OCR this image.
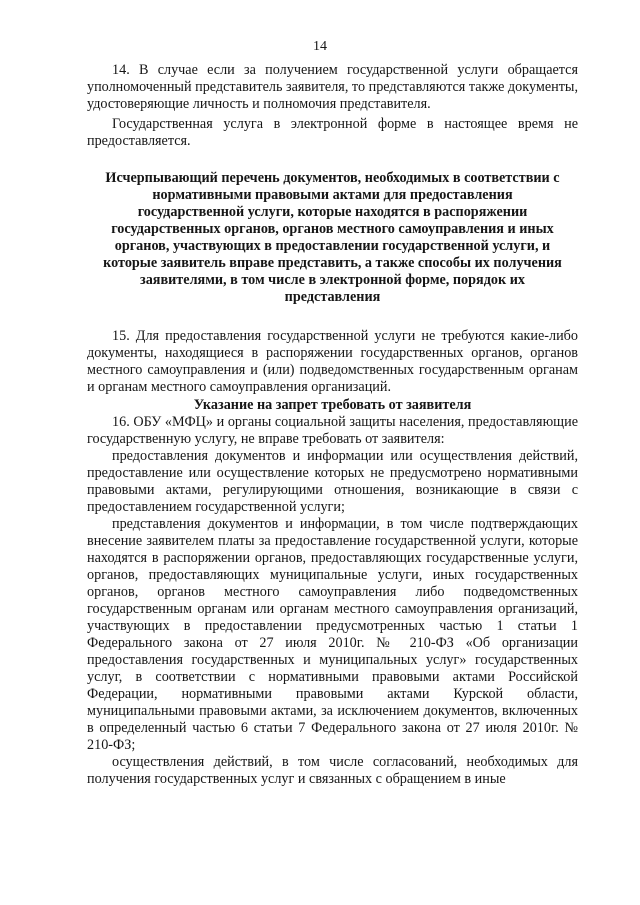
14

14. В случае если за получением государственной услуги обращается уполномоченный представитель заявителя, то представляются также документы, удостоверяющие личность и полномочия представителя.

Государственная услуга в электронной форме в настоящее время не предоставляется.

Исчерпывающий перечень документов, необходимых в соответствии с нормативными правовыми актами для предоставления государственной услуги, которые находятся в распоряжении государственных органов, органов местного самоуправления и иных органов, участвующих в предоставлении государственной услуги, и которые заявитель вправе представить, а также способы их получения заявителями, в том числе в электронной форме, порядок их представления

15. Для предоставления государственной услуги не требуются какие-либо документы, находящиеся в распоряжении государственных органов, органов местного самоуправления и (или) подведомственных государственным органам и органам местного самоуправления организаций.

Указание на запрет требовать от заявителя

16. ОБУ «МФЦ» и органы социальной защиты населения, предоставляющие государственную услугу, не вправе требовать от заявителя:

предоставления документов и информации или осуществления действий, предоставление или осуществление которых не предусмотрено нормативными правовыми актами, регулирующими отношения, возникающие в связи с предоставлением государственной услуги;

представления документов и информации, в том числе подтверждающих внесение заявителем платы за предоставление государственной услуги, которые находятся в распоряжении органов, предоставляющих государственные услуги, органов, предоставляющих муниципальные услуги, иных государственных органов, органов местного самоуправления либо подведомственных государственным органам или органам местного самоуправления организаций, участвующих в предоставлении предусмотренных частью 1 статьи 1 Федерального закона от 27 июля 2010г. № 210-ФЗ «Об организации предоставления государственных и муниципальных услуг» государственных услуг, в соответствии с нормативными правовыми актами Российской Федерации, нормативными правовыми актами Курской области, муниципальными правовыми актами, за исключением документов, включенных в определенный частью 6 статьи 7 Федерального закона от 27 июля 2010г. № 210-ФЗ;

осуществления действий, в том числе согласований, необходимых для получения государственных услуг и связанных с обращением в иные
